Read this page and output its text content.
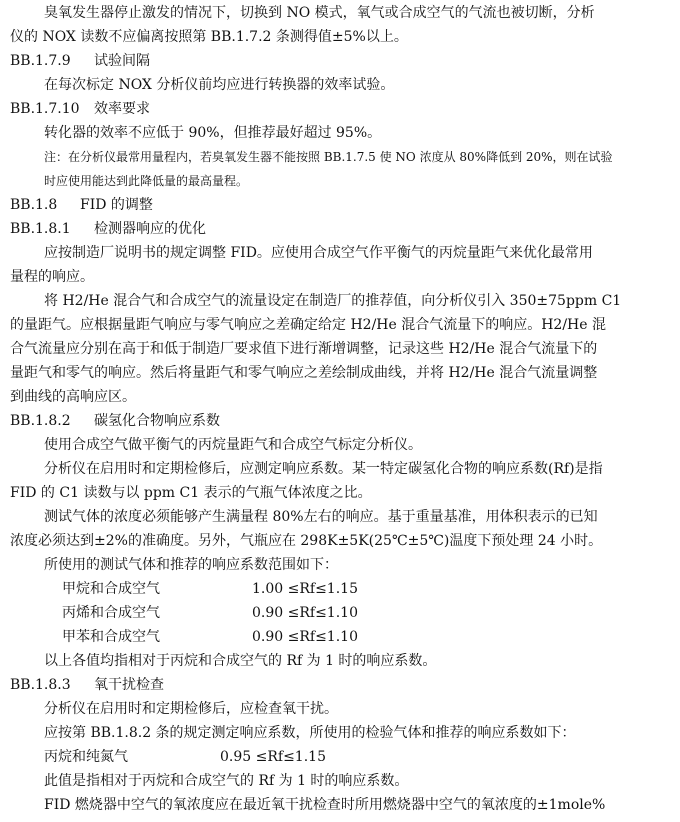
臭氧发生器停止激发的情况下，切换到 NO 模式，氧气或合成空气的气流也被切断，分析
仪的 NOX 读数不应偏离按照第 BB.1.7.2 条测得值±5%以上。
BB.1.7.9 试验间隔
在每次标定 NOX 分析仪前均应进行转换器的效率试验。
BB.1.7.10 效率要求
转化器的效率不应低于 90%，但推荐最好超过 95%。
注：在分析仪最常用量程内，若臭氧发生器不能按照 BB.1.7.5 使 NO 浓度从 80%降低到 20%，则在试验
时应使用能达到此降低量的最高量程。
BB.1.8 FID 的调整
BB.1.8.1 检测器响应的优化
应按制造厂说明书的规定调整 FID。应使用合成空气作平衡气的丙烷量距气来优化最常用
量程的响应。
将 H2/He 混合气和合成空气的流量设定在制造厂的推荐值，向分析仪引入 350±75ppm C1
的量距气。应根据量距气响应与零气响应之差确定给定 H2/He 混合气流量下的响应。H2/He 混
合气流量应分别在高于和低于制造厂要求值下进行渐增调整，记录这些 H2/He 混合气流量下的
量距气和零气的响应。然后将量距气和零气响应之差绘制成曲线，并将 H2/He 混合气流量调整
到曲线的高响应区。
BB.1.8.2 碳氢化合物响应系数
使用合成空气做平衡气的丙烷量距气和合成空气标定分析仪。
分析仪在启用时和定期检修后，应测定响应系数。某一特定碳氢化合物的响应系数(Rf)是指
FID 的 C1 读数与以 ppm C1 表示的气瓶气体浓度之比。
测试气体的浓度必须能够产生满量程 80%左右的响应。基于重量基准，用体积表示的已知
浓度必须达到±2%的准确度。另外，气瓶应在 298K±5K(25℃±5℃)温度下预处理 24 小时。
所使用的测试气体和推荐的响应系数范围如下：
甲烷和合成空气	1.00 ≤Rf≤1.15
丙烯和合成空气	0.90 ≤Rf≤1.10
甲苯和合成空气	0.90 ≤Rf≤1.10
以上各值均指相对于丙烷和合成空气的 Rf 为 1 时的响应系数。
BB.1.8.3 氧干扰检查
分析仪在启用时和定期检修后，应检查氧干扰。
应按第 BB.1.8.2 条的规定测定响应系数，所使用的检验气体和推荐的响应系数如下：
丙烷和纯氮气	0.95 ≤Rf≤1.15
此值是指相对于丙烷和合成空气的 Rf 为 1 时的响应系数。
FID 燃烧器中空气的氧浓度应在最近氧干扰检查时所用燃烧器中空气的氧浓度的±1mole%
